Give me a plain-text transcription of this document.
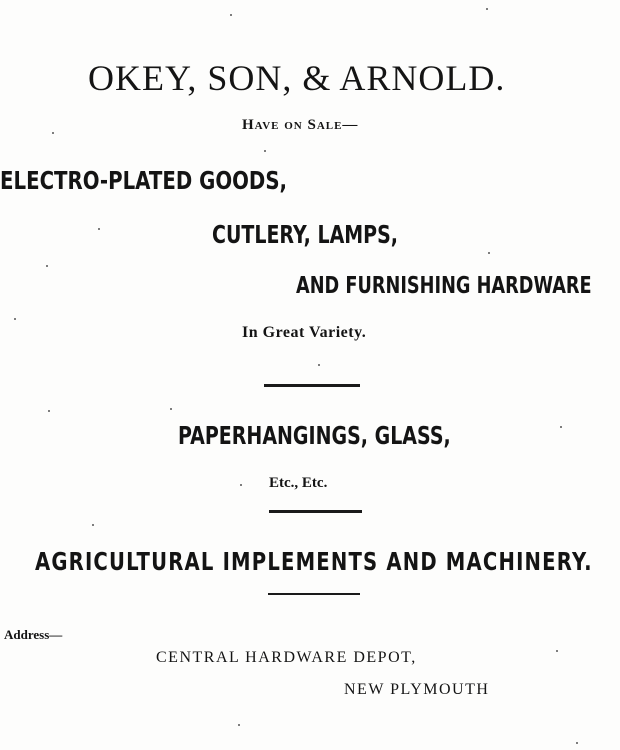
OKEY, SON, & ARNOLD.
Have on Sale—
ELECTRO-PLATED GOODS,
CUTLERY, LAMPS,
AND FURNISHING HARDWARE
In Great Variety.
PAPERHANGINGS, GLASS,
Etc., Etc.
AGRICULTURAL IMPLEMENTS AND MACHINERY.
Address—
CENTRAL HARDWARE DEPOT,
NEW PLYMOUTH
